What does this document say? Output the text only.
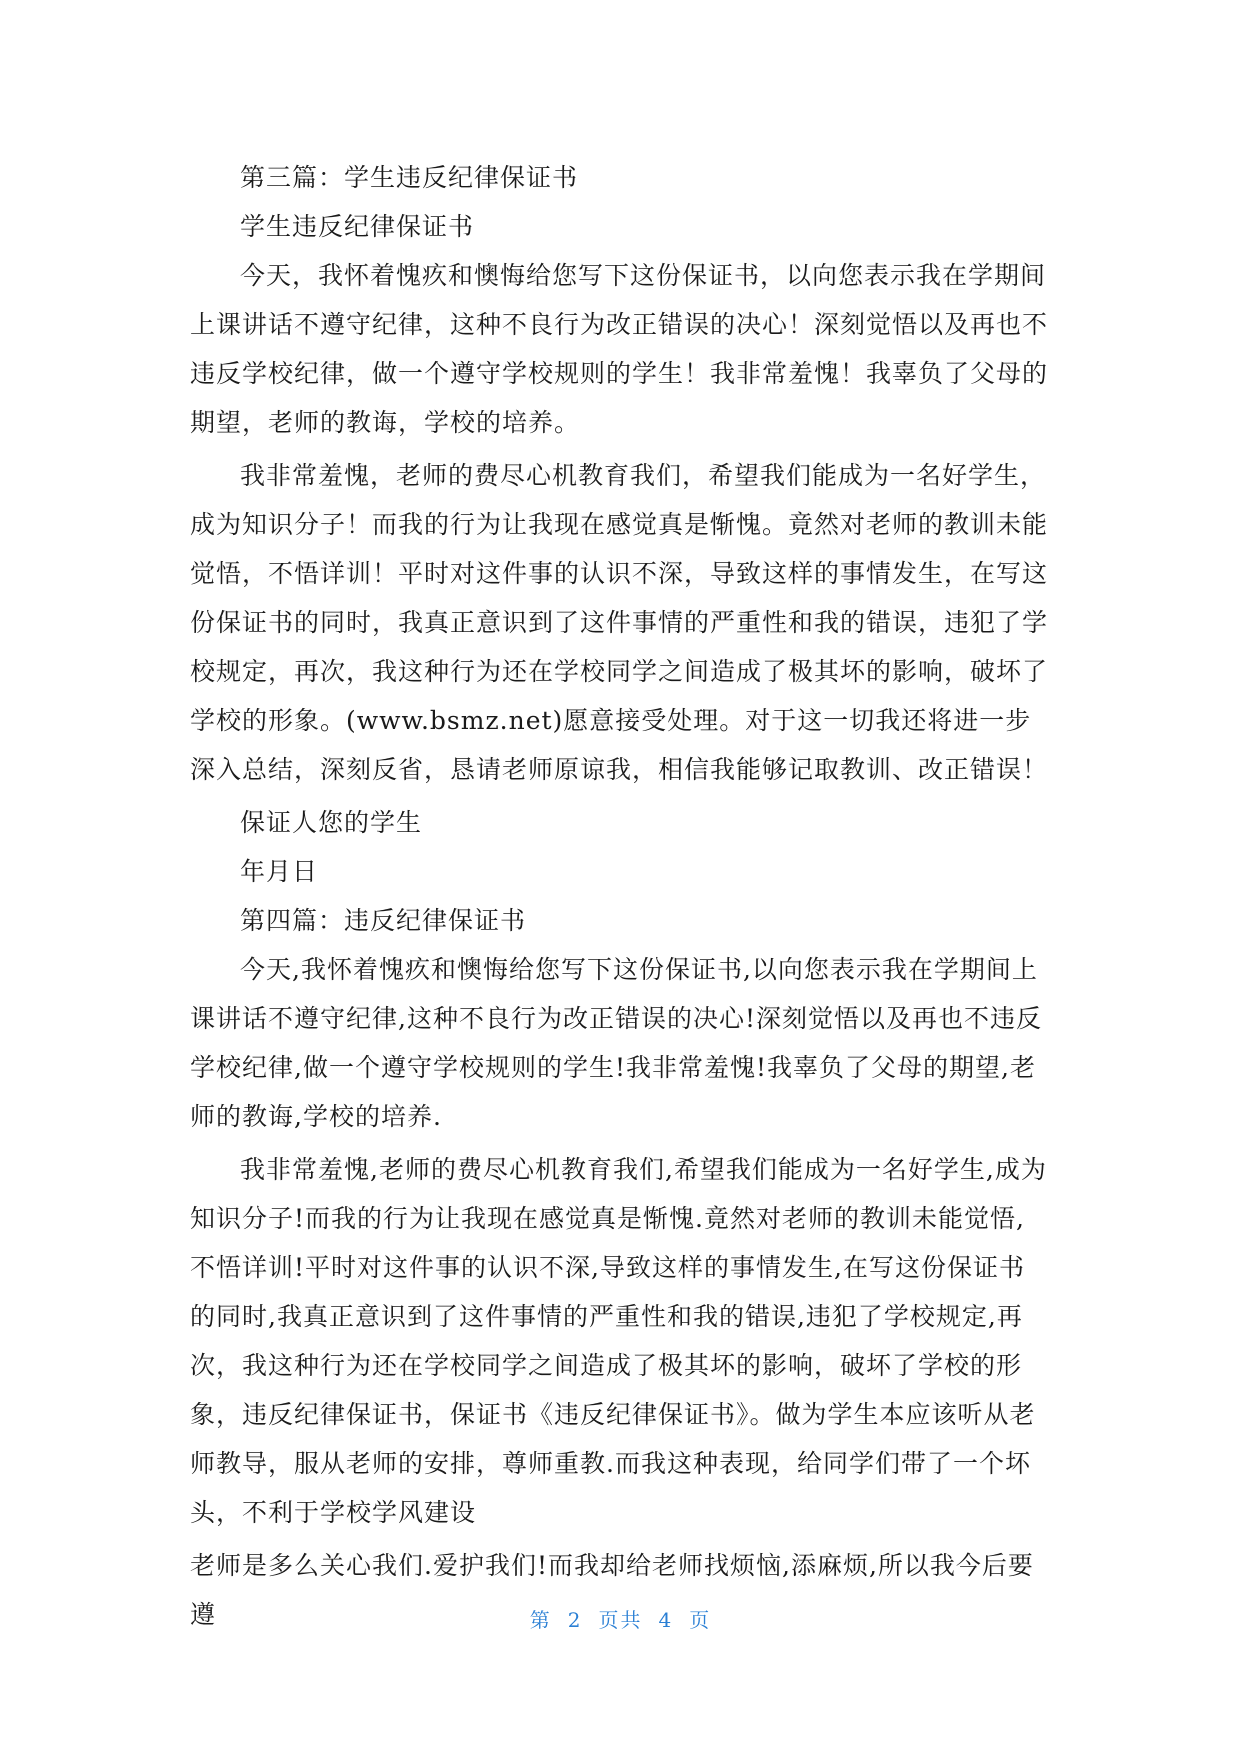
第三篇：学生违反纪律保证书

学生违反纪律保证书

今天，我怀着愧疚和懊悔给您写下这份保证书，以向您表示我在学期间上课讲话不遵守纪律，这种不良行为改正错误的决心！深刻觉悟以及再也不违反学校纪律，做一个遵守学校规则的学生！我非常羞愧！我辜负了父母的期望，老师的教诲，学校的培养。

我非常羞愧，老师的费尽心机教育我们，希望我们能成为一名好学生，成为知识分子！而我的行为让我现在感觉真是惭愧。竟然对老师的教训未能觉悟，不悟详训！平时对这件事的认识不深，导致这样的事情发生，在写这份保证书的同时，我真正意识到了这件事情的严重性和我的错误，违犯了学校规定，再次，我这种行为还在学校同学之间造成了极其坏的影响，破坏了学校的形象。(www.bsmz.net)愿意接受处理。对于这一切我还将进一步深入总结，深刻反省，恳请老师原谅我，相信我能够记取教训、改正错误！

保证人您的学生

年月日

第四篇：违反纪律保证书

今天,我怀着愧疚和懊悔给您写下这份保证书,以向您表示我在学期间上课讲话不遵守纪律,这种不良行为改正错误的决心!深刻觉悟以及再也不违反学校纪律,做一个遵守学校规则的学生!我非常羞愧!我辜负了父母的期望,老师的教诲,学校的培养.

我非常羞愧,老师的费尽心机教育我们,希望我们能成为一名好学生,成为知识分子!而我的行为让我现在感觉真是惭愧.竟然对老师的教训未能觉悟,不悟详训!平时对这件事的认识不深,导致这样的事情发生,在写这份保证书的同时,我真正意识到了这件事情的严重性和我的错误,违犯了学校规定,再次，我这种行为还在学校同学之间造成了极其坏的影响，破坏了学校的形象，违反纪律保证书，保证书《违反纪律保证书》。做为学生本应该听从老师教导，服从老师的安排，尊师重教.而我这种表现，给同学们带了一个坏头，不利于学校学风建设

老师是多么关心我们.爱护我们!而我却给老师找烦恼,添麻烦,所以我今后要遵	第 2 页共 4 页
